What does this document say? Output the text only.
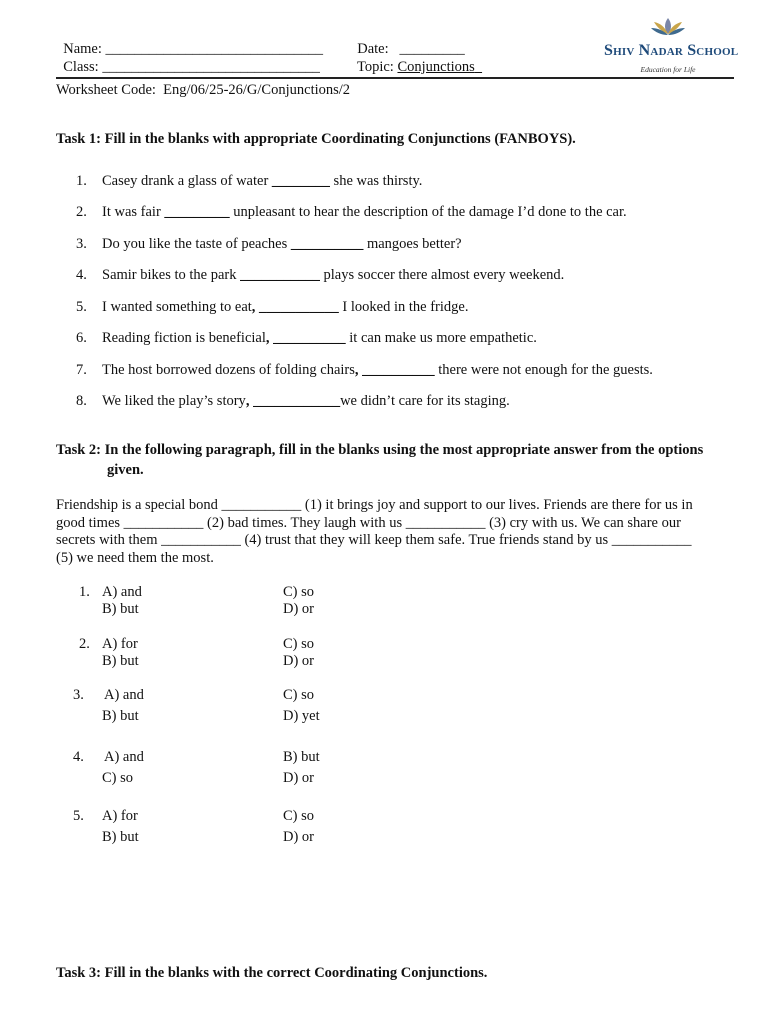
Name: ______________________________

Class: ______________________________

Date: _________

Topic: Conjunctions

Shiv Nadar School
Education for Life
Worksheet Code:  Eng/06/25-26/G/Conjunctions/2
Task 1: Fill in the blanks with appropriate Coordinating Conjunctions (FANBOYS).
1. Casey drank a glass of water ________ she was thirsty.
2. It was fair _________ unpleasant to hear the description of the damage I’d done to the car.
3. Do you like the taste of peaches __________ mangoes better?
4. Samir bikes to the park ___________ plays soccer there almost every weekend.
5. I wanted something to eat, ___________ I looked in the fridge.
6. Reading fiction is beneficial, __________ it can make us more empathetic.
7. The host borrowed dozens of folding chairs, __________ there were not enough for the guests.
8. We liked the play’s story, ____________we didn’t care for its staging.
Task 2: In the following paragraph, fill in the blanks using the most appropriate answer from the options
given.
Friendship is a special bond ___________ (1) it brings joy and support to our lives. Friends are there for us in
good times ___________ (2) bad times. They laugh with us ___________ (3) cry with us. We can share our
secrets with them ___________ (4) trust that they will keep them safe. True friends stand by us ___________
(5) we need them the most.
1. A) and
B) but
C) so
D) or
2. A) for
B) but
C) so
D) or
3. A) and
B) but
C) so
D) yet
4. A) and
C) so
B) but
D) or
5. A) for
B) but
C) so
D) or
Task 3: Fill in the blanks with the correct Coordinating Conjunctions.
